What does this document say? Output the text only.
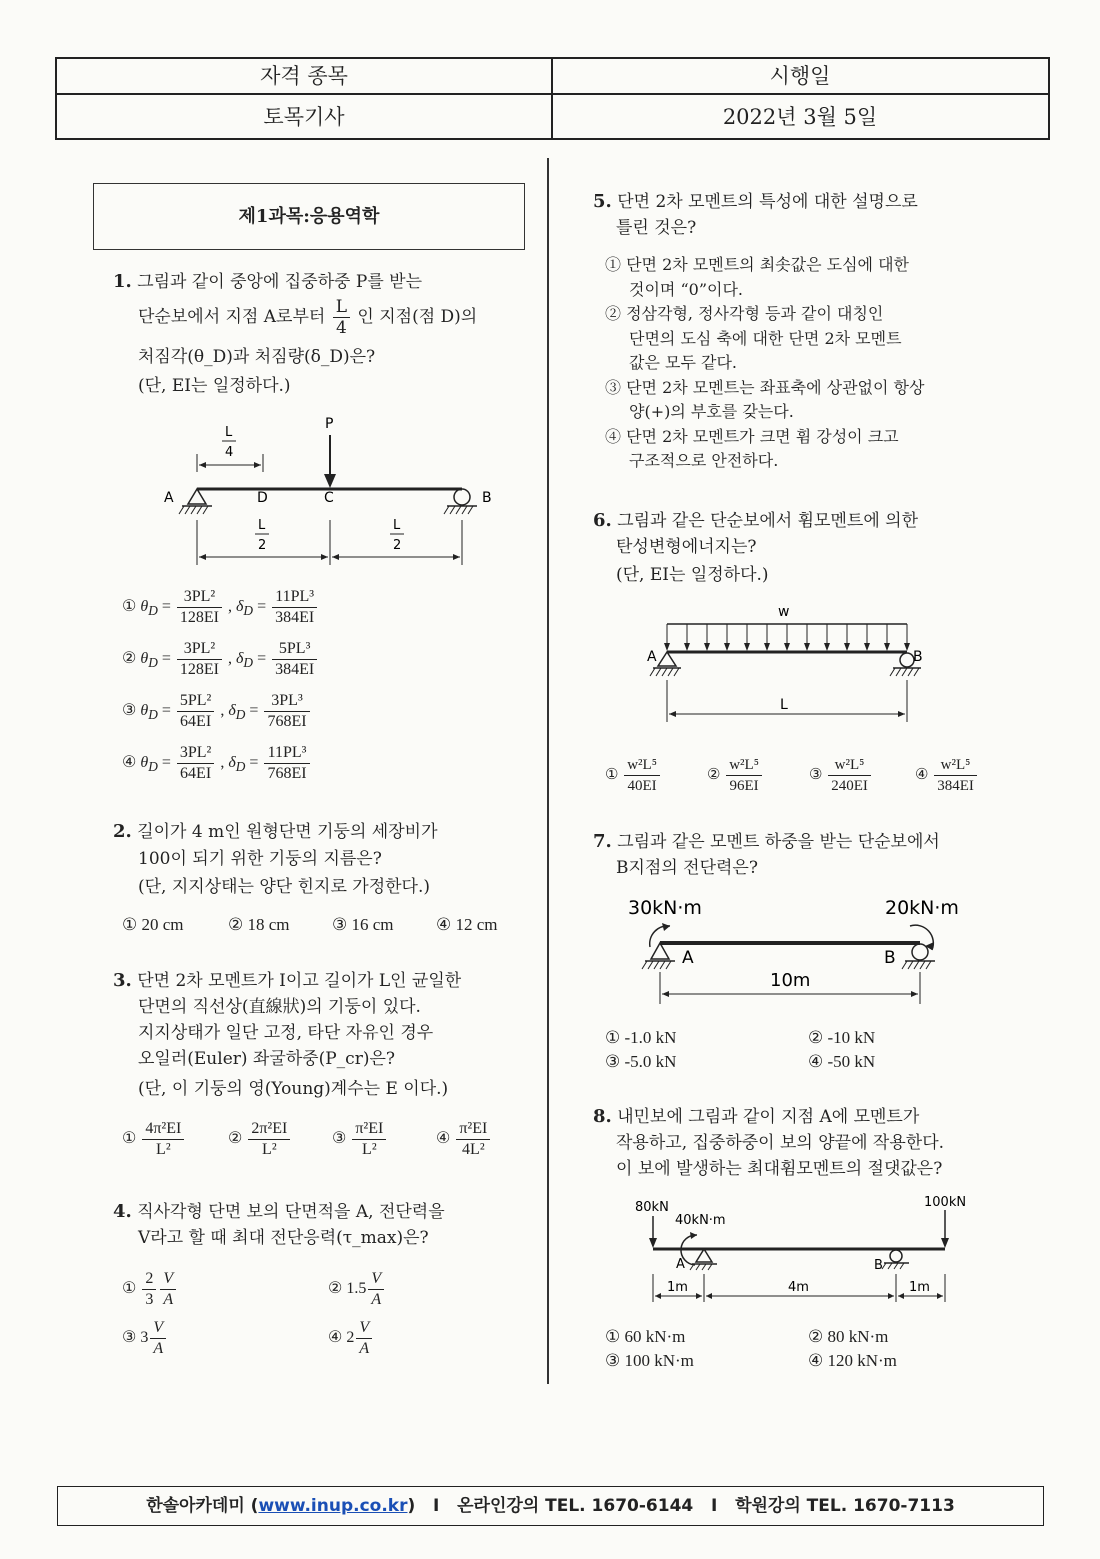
자격 종목	시행일
토목기사	2022년 3월 5일
제1과목:응용역학
1. 그림과 같이 중앙에 집중하중 P를 받는
단순보에서 지점 A로부터 $\frac{L}{4}$ 인 지점(점 D)의
처짐각(θ_D)과 처짐량(δ_D)은?
(단, EI는 일정하다.)
P
A	D	C	B
L
4
L
2
L
2
① $\theta_D = \frac{\text{3PL²}}{128EI}$ , $\delta_D = \frac{\text{11PL³}}{384EI}$
② $\theta_D = \frac{\text{3PL²}}{128EI}$ , $\delta_D = \frac{\text{5PL³}}{384EI}$
③ $\theta_D = \frac{\text{5PL²}}{64EI}$ , $\delta_D = \frac{\text{3PL³}}{768EI}$
④ $\theta_D = \frac{\text{3PL²}}{64EI}$ , $\delta_D = \frac{\text{11PL³}}{768EI}$
2. 길이가 4 m인 원형단면 기둥의 세장비가
100이 되기 위한 기둥의 지름은?
(단, 지지상태는 양단 힌지로 가정한다.)
① 20 cm	② 18 cm	③ 16 cm	④ 12 cm
3. 단면 2차 모멘트가 I이고 길이가 L인 균일한
단면의 직선상(直線狀)의 기둥이 있다.
지지상태가 일단 고정, 타단 자유인 경우
오일러(Euler) 좌굴하중(P_cr)은?
(단, 이 기둥의 영(Young)계수는 E 이다.)
① $\frac{\text{4π²EI}}{\text{L²}}$	② $\frac{\text{2π²EI}}{\text{L²}}$	③ $\frac{\text{π²EI}}{\text{L²}}$	④ $\frac{\text{π²EI}}{\text{4L²}}$
4. 직사각형 단면 보의 단면적을 A, 전단력을
V라고 할 때 최대 전단응력(τ_max)은?
① $\frac{2}{3} \frac{V}{A}$	② $1.5 \frac{V}{A}$
③ $3 \frac{V}{A}$	④ $2 \frac{V}{A}$
5. 단면 2차 모멘트의 특성에 대한 설명으로
틀린 것은?
① 단면 2차 모멘트의 최솟값은 도심에 대한
것이며 “0”이다.
② 정삼각형, 정사각형 등과 같이 대칭인
단면의 도심 축에 대한 단면 2차 모멘트
값은 모두 같다.
③ 단면 2차 모멘트는 좌표축에 상관없이 항상
양(+)의 부호를 갖는다.
④ 단면 2차 모멘트가 크면 휨 강성이 크고
구조적으로 안전하다.
6. 그림과 같은 단순보에서 휨모멘트에 의한
탄성변형에너지는?
(단, EI는 일정하다.)
w
A	B
L
① $\frac{\text{w²L⁵}}{40EI}$	② $\frac{\text{w²L⁵}}{96EI}$	③ $\frac{\text{w²L⁵}}{240EI}$	④ $\frac{\text{w²L⁵}}{384EI}$
7. 그림과 같은 모멘트 하중을 받는 단순보에서
B지점의 전단력은?
30kN·m	20kN·m
A	B
10m
① -1.0 kN	② -10 kN
③ -5.0 kN	④ -50 kN
8. 내민보에 그림과 같이 지점 A에 모멘트가
작용하고, 집중하중이 보의 양끝에 작용한다.
이 보에 발생하는 최대휨모멘트의 절댓값은?
80kN
40kN·m
100kN
A	B
1m	4m	1m
① 60 kN·m	② 80 kN·m
③ 100 kN·m	④ 120 kN·m
한솔아카데미 (www.inup.co.kr)   I   온라인강의 TEL. 1670-6144   I   학원강의 TEL. 1670-7113
